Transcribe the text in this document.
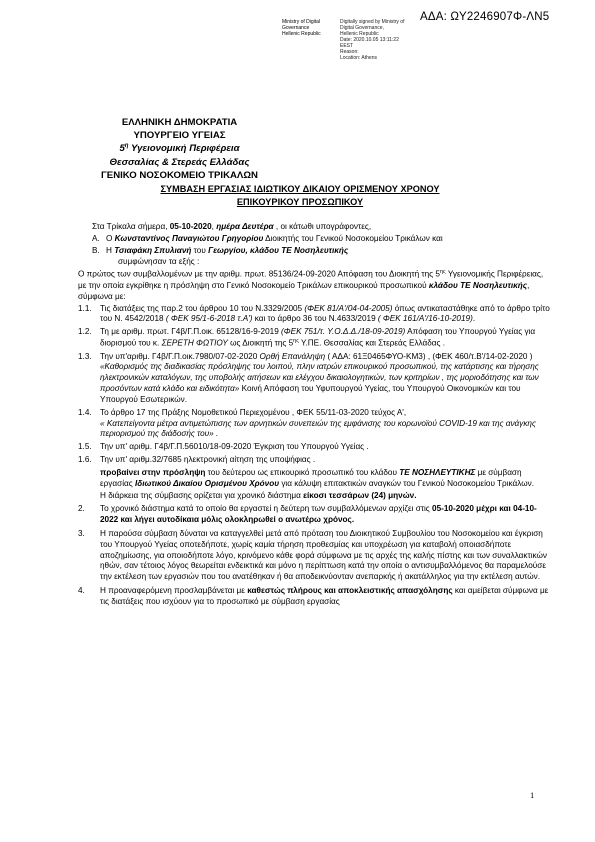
ΑΔΑ: ΩΥ2246907Φ-ΛΝ5
Ministry of Digital
Governance
Hellenic Republic
Digitally signed by Ministry of
Digital Governance,
Hellenic Republic
Date: 2020.10.05 13:11:22
EEST
Reason:
Location: Athens
ΕΛΛΗΝΙΚΗ ΔΗΜΟΚΡΑΤΙΑ
ΥΠΟΥΡΓΕΙΟ ΥΓΕΙΑΣ
$5^\eta$ Υγειονομική Περιφέρεια
Θεσσαλίας & Στερεάς Ελλάδας
ΓΕΝΙΚΟ ΝΟΣΟΚΟΜΕΙΟ ΤΡΙΚΑΛΩΝ
ΣΥΜΒΑΣΗ ΕΡΓΑΣΙΑΣ ΙΔΙΩΤΙΚΟΥ ΔΙΚΑΙΟΥ ΟΡΙΣΜΕΝΟΥ ΧΡΟΝΟΥ
ΕΠΙΚΟΥΡΙΚΟΥ ΠΡΟΣΩΠΙΚΟΥ

Στα Τρίκαλα σήμερα, 05-10-2020, ημέρα Δευτέρα , οι κάτωθι υπογράφοντες,

Α. Ο Κωνσταντίνος Παναγιώτου Γρηγορίου Διοικητής του Γενικού Νοσοκομείου Τρικάλων και
Β. Η Τσιαφάκη Σπυλιανή του Γεωργίου, κλάδου ΤΕ Νοσηλευτικής

συμφώνησαν τα εξής :

Ο πρώτος των συμβαλλομένων με την αριθμ. πρωτ. 85136/24-09-2020 Απόφαση του Διοικητή της $5^{\eta\varsigma}$ Υγειονομικής Περιφέρειας, με την οποία εγκρίθηκε η πρόσληψη στο Γενικό Νοσοκομείο Τρικάλων επικουρικού προσωπικού κλάδου ΤΕ Νοσηλευτικής, σύμφωνα με:

1.1.	Τις διατάξεις της παρ.2 του άρθρου 10 του Ν.3329/2005 (ΦΕΚ 81/Α'/04-04-2005) όπως αντικαταστάθηκε από το άρθρο τρίτο του Ν. 4542/2018 ( ΦΕΚ 95/1-6-2018 τ.Α') και το άρθρο 36 του Ν.4633/2019 ( ΦΕΚ 161/Α'/16-10-2019).
1.2.	Τη με αριθμ. πρωτ. Γ4β/Γ.Π.οικ. 65128/16-9-2019 (ΦΕΚ 751/τ. Υ.Ο.Δ.Δ./18-09-2019) Απόφαση του Υπουργού Υγείας για διορισμού του κ. ΣΕΡΕΤΗ ΦΩΤΙΟΥ ως Διοικητή της $5^{\eta\varsigma}$ Υ.ΠΕ. Θεσσαλίας και Στερεάς Ελλάδας .
1.3.	Την υπ'αριθμ. Γ4β/Γ.Π.οικ.7980/07-02-2020 Ορθή Επανάληψη ( ΑΔΑ: 61Ξ0465ΦΥΟ-ΚΜ3) , (ΦΕΚ 460/τ.Β'/14-02-2020 ) «Καθορισμός της διαδικασίας πρόσληψης του λοιπού, πλην ιατρών επικουρικού προσωπικού, της κατάρτισης και τήρησης ηλεκτρονικών καταλόγων, της υποβολής αιτήσεων και ελέγχου δικαιολογητικών, των κριτηρίων , της μοριοδότησης και των προσόντων κατά κλάδο και ειδικότητα» Κοινή Απόφαση του Υφυπουργού Υγείας, του Υπουργού Οικονομικών και του Υπουργού Εσωτερικών.
1.4.	Το άρθρο 17 της Πράξης Νομοθετικού Περιεχομένου , ΦΕΚ 55/11-03-2020 τεύχος Α',
« Κατεπείγοντα μέτρα αντιμετώπισης των αρνητικών συνεπειών της εμφάνισης του κορωνοϊού COVID-19 και της ανάγκης περιορισμού της διάδοσής του» .
1.5.	Την υπ' αριθμ. Γ4β/Γ.Π.56010/18-09-2020 Έγκριση του Υπουργού Υγείας .
1.6.	Την υπ' αριθμ.32/7685 ηλεκτρονική αίτηση της υποψήφιας .

προβαίνει στην πρόσληψη του δεύτερου ως επικουρικό προσωπικό του κλάδου ΤΕ ΝΟΣΗΛΕΥΤΙΚΗΣ με σύμβαση εργασίας Ιδιωτικού Δικαίου Ορισμένου Χρόνου για κάλυψη επιτακτικών αναγκών του Γενικού Νοσοκομείου Τρικάλων.

Η διάρκεια της σύμβασης ορίζεται για χρονικό διάστημα είκοσι τεσσάρων (24) μηνών.

2.	Το χρονικό διάστημα κατά το οποίο θα εργαστεί η δεύτερη των συμβαλλόμενων αρχίζει στις 05-10-2020 μέχρι και 04-10-2022 και λήγει αυτοδίκαια μόλις ολοκληρωθεί ο ανωτέρω χρόνος.
3.	Η παρούσα σύμβαση δύναται να καταγγελθεί μετά από πρόταση του Διοικητικού Συμβουλίου του Νοσοκομείου και έγκριση του Υπουργού Υγείας οποτεδήποτε, χωρίς καμία τήρηση προθεσμίας και υποχρέωση για καταβολή οποιασδήποτε αποζημίωσης, για οποιοδήποτε λόγο, κρινόμενο κάθε φορά σύμφωνα με τις αρχές της καλής πίστης και των συναλλακτικών ηθών, σαν τέτοιος λόγος θεωρείται ενδεικτικά και μόνο η περίπτωση κατά την οποία ο αντισυμβαλλόμενος θα παραμελούσε την εκτέλεση των εργασιών που του ανατέθηκαν ή θα αποδεικνύονταν ανεπαρκής ή ακατάλληλος για την εκτέλεση αυτών.
4.	Η προαναφερόμενη προσλαμβάνεται με καθεστώς πλήρους και αποκλειστικής απασχόλησης και αμείβεται σύμφωνα με τις διατάξεις που ισχύουν για το προσωπικό με σύμβαση εργασίας
1
